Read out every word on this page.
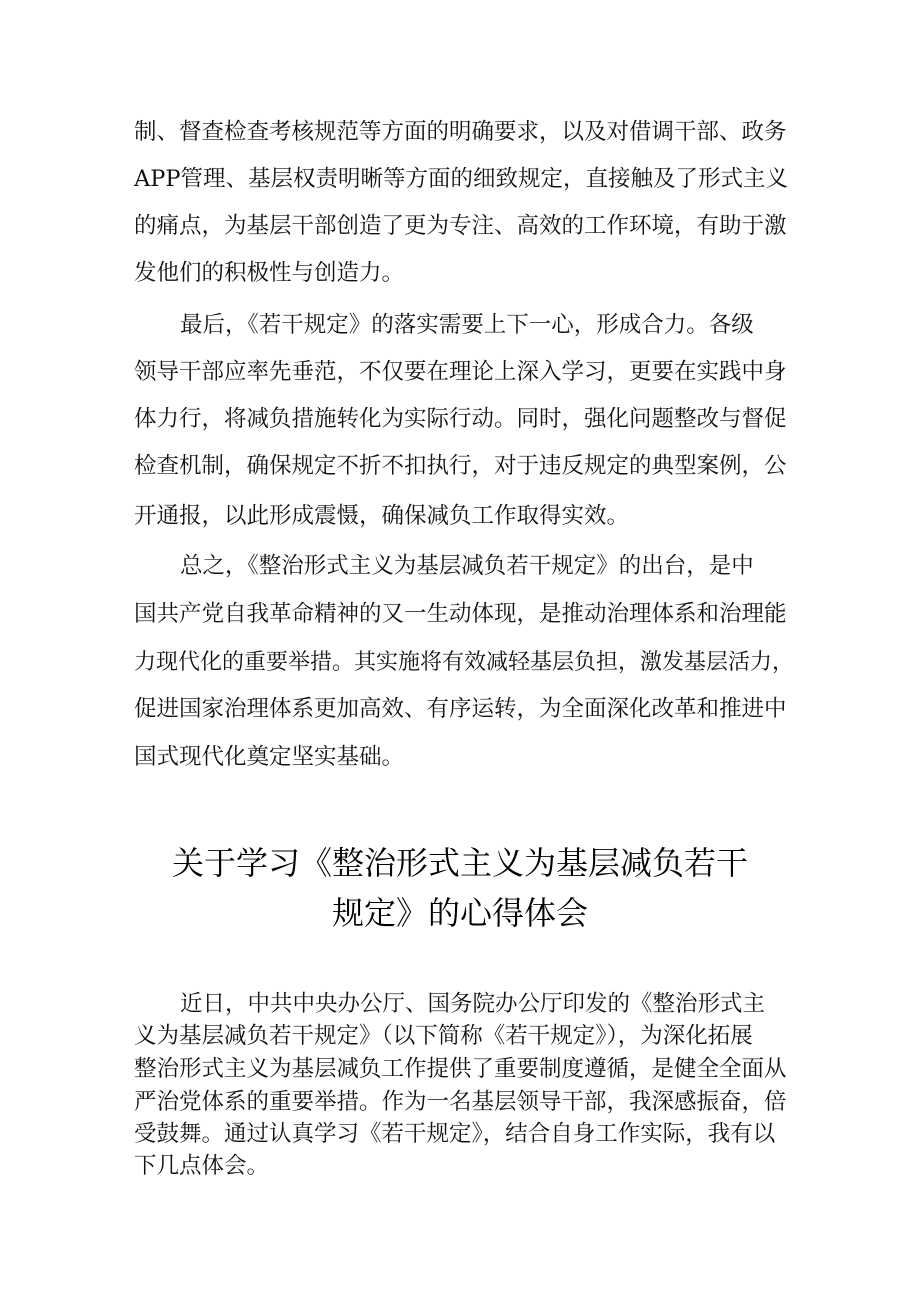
制、督查检查考核规范等方面的明确要求，以及对借调干部、政务
APP管理、基层权责明晰等方面的细致规定，直接触及了形式主义
的痛点，为基层干部创造了更为专注、高效的工作环境，有助于激
发他们的积极性与创造力。
最后，《若干规定》的落实需要上下一心，形成合力。各级
领导干部应率先垂范，不仅要在理论上深入学习，更要在实践中身
体力行，将减负措施转化为实际行动。同时，强化问题整改与督促
检查机制，确保规定不折不扣执行，对于违反规定的典型案例，公
开通报，以此形成震慑，确保减负工作取得实效。
总之，《整治形式主义为基层减负若干规定》的出台，是中
国共产党自我革命精神的又一生动体现，是推动治理体系和治理能
力现代化的重要举措。其实施将有效减轻基层负担，激发基层活力，
促进国家治理体系更加高效、有序运转，为全面深化改革和推进中
国式现代化奠定坚实基础。
关于学习《整治形式主义为基层减负若干
规定》的心得体会
近日，中共中央办公厅、国务院办公厅印发的《整治形式主
义为基层减负若干规定》（以下简称《若干规定》），为深化拓展
整治形式主义为基层减负工作提供了重要制度遵循，是健全全面从
严治党体系的重要举措。作为一名基层领导干部，我深感振奋，倍
受鼓舞。通过认真学习《若干规定》，结合自身工作实际，我有以
下几点体会。
